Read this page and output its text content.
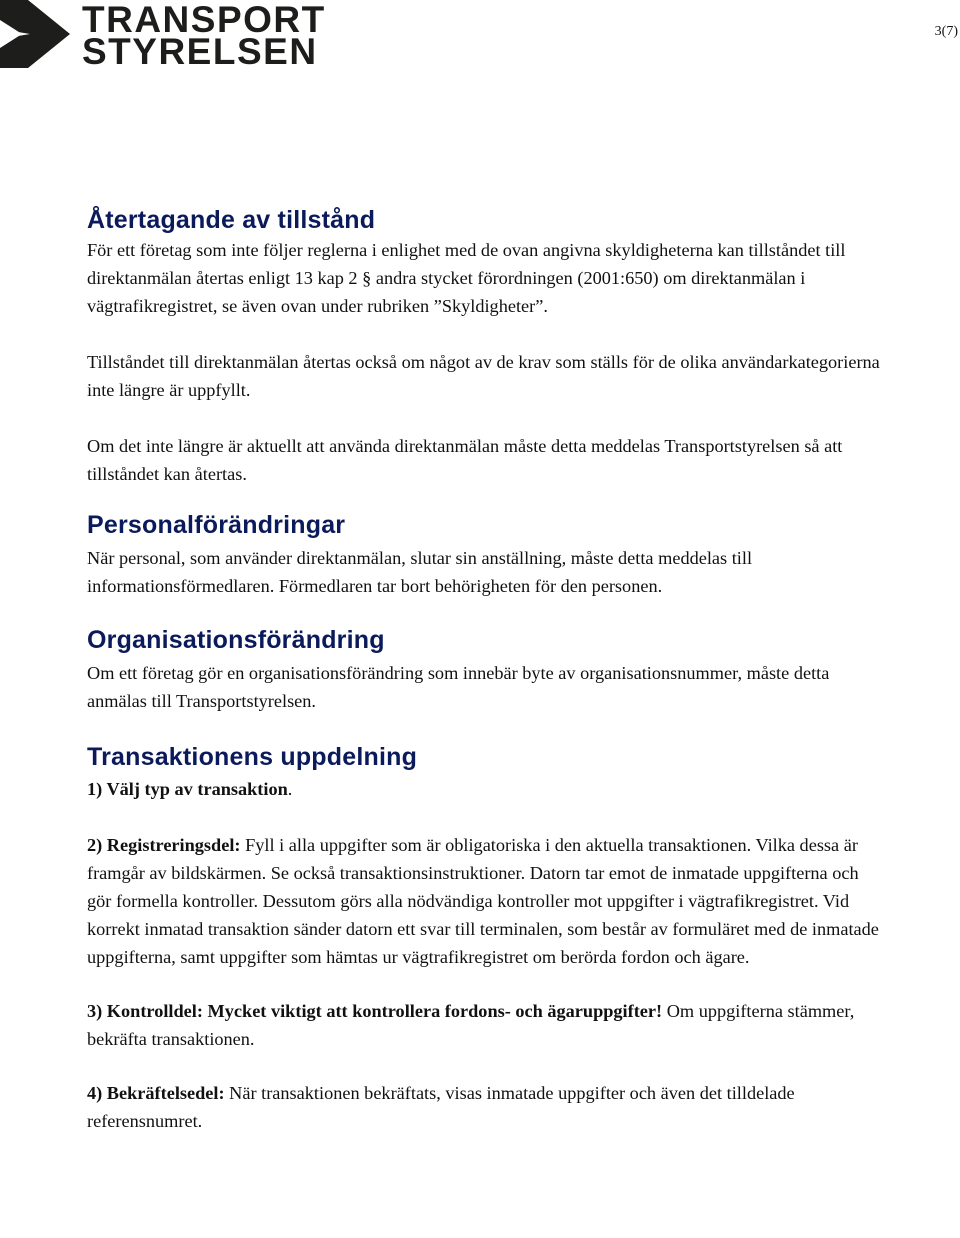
TRANSPORT
STYRELSEN	3(7)
Återtagande av tillstånd

För ett företag som inte följer reglerna i enlighet med de ovan angivna skyldigheterna kan tillståndet till direktanmälan återtas enligt 13 kap 2 § andra stycket förordningen (2001:650) om direktanmälan i vägtrafikregistret, se även ovan under rubriken ”Skyldigheter”.

Tillståndet till direktanmälan återtas också om något av de krav som ställs för de olika användarkategorierna inte längre är uppfyllt.

Om det inte längre är aktuellt att använda direktanmälan måste detta meddelas Transportstyrelsen så att tillståndet kan återtas.

Personalförändringar

När personal, som använder direktanmälan, slutar sin anställning, måste detta meddelas till informationsförmedlaren. Förmedlaren tar bort behörigheten för den personen.

Organisationsförändring

Om ett företag gör en organisationsförändring som innebär byte av organisationsnummer, måste detta anmälas till Transportstyrelsen.

Transaktionens uppdelning

1) Välj typ av transaktion.

2) Registreringsdel: Fyll i alla uppgifter som är obligatoriska i den aktuella transaktionen. Vilka dessa är framgår av bildskärmen. Se också transaktionsinstruktioner. Datorn tar emot de inmatade uppgifterna och gör formella kontroller. Dessutom görs alla nödvändiga kontroller mot uppgifter i vägtrafikregistret. Vid korrekt inmatad transaktion sänder datorn ett svar till terminalen, som består av formuläret med de inmatade uppgifterna, samt uppgifter som hämtas ur vägtrafikregistret om berörda fordon och ägare.

3) Kontrolldel: Mycket viktigt att kontrollera fordons- och ägaruppgifter! Om uppgifterna stämmer, bekräfta transaktionen.

4) Bekräftelsedel: När transaktionen bekräftats, visas inmatade uppgifter och även det tilldelade referensnumret.
